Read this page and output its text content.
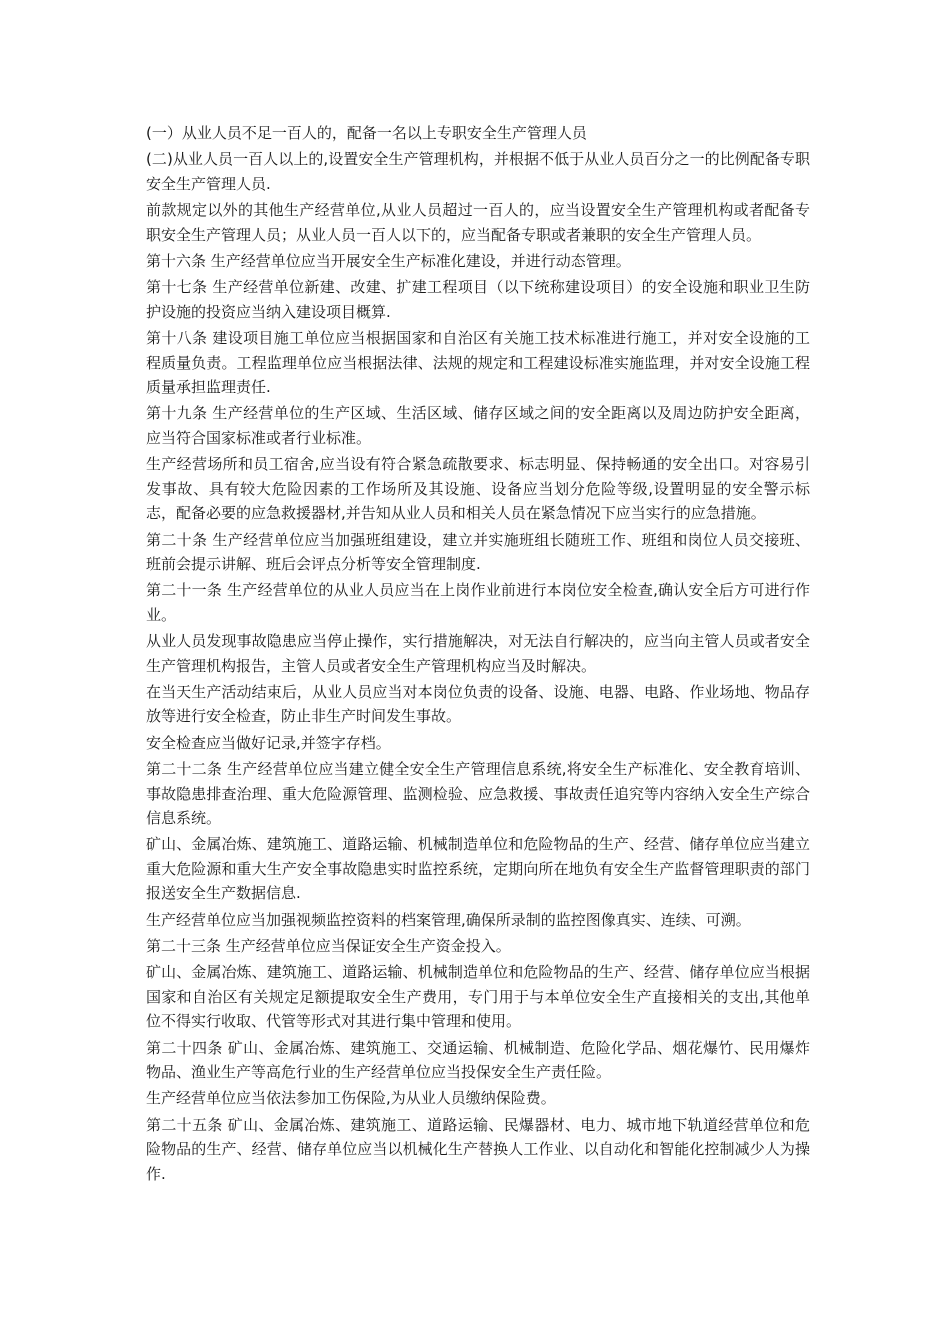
(一）从业人员不足一百人的，配备一名以上专职安全生产管理人员

(二)从业人员一百人以上的,设置安全生产管理机构，并根据不低于从业人员百分之一的比例配备专职安全生产管理人员.

前款规定以外的其他生产经营单位,从业人员超过一百人的，应当设置安全生产管理机构或者配备专职安全生产管理人员；从业人员一百人以下的，应当配备专职或者兼职的安全生产管理人员。

第十六条 生产经营单位应当开展安全生产标准化建设，并进行动态管理。

第十七条 生产经营单位新建、改建、扩建工程项目（以下统称建设项目）的安全设施和职业卫生防护设施的投资应当纳入建设项目概算.

第十八条 建设项目施工单位应当根据国家和自治区有关施工技术标准进行施工，并对安全设施的工程质量负责。工程监理单位应当根据法律、法规的规定和工程建设标准实施监理，并对安全设施工程质量承担监理责任.

第十九条 生产经营单位的生产区域、生活区域、储存区域之间的安全距离以及周边防护安全距离，应当符合国家标准或者行业标准。

生产经营场所和员工宿舍,应当设有符合紧急疏散要求、标志明显、保持畅通的安全出口。对容易引发事故、具有较大危险因素的工作场所及其设施、设备应当划分危险等级,设置明显的安全警示标志，配备必要的应急救援器材,并告知从业人员和相关人员在紧急情况下应当实行的应急措施。

第二十条 生产经营单位应当加强班组建设，建立并实施班组长随班工作、班组和岗位人员交接班、班前会提示讲解、班后会评点分析等安全管理制度.

第二十一条 生产经营单位的从业人员应当在上岗作业前进行本岗位安全检查,确认安全后方可进行作业。

从业人员发现事故隐患应当停止操作，实行措施解决，对无法自行解决的，应当向主管人员或者安全生产管理机构报告，主管人员或者安全生产管理机构应当及时解决。

在当天生产活动结束后，从业人员应当对本岗位负责的设备、设施、电器、电路、作业场地、物品存放等进行安全检查，防止非生产时间发生事故。

安全检查应当做好记录,并签字存档。

第二十二条 生产经营单位应当建立健全安全生产管理信息系统,将安全生产标准化、安全教育培训、事故隐患排查治理、重大危险源管理、监测检验、应急救援、事故责任追究等内容纳入安全生产综合信息系统。

矿山、金属冶炼、建筑施工、道路运输、机械制造单位和危险物品的生产、经营、储存单位应当建立重大危险源和重大生产安全事故隐患实时监控系统，定期向所在地负有安全生产监督管理职责的部门报送安全生产数据信息.

生产经营单位应当加强视频监控资料的档案管理,确保所录制的监控图像真实、连续、可溯。

第二十三条 生产经营单位应当保证安全生产资金投入。

矿山、金属冶炼、建筑施工、道路运输、机械制造单位和危险物品的生产、经营、储存单位应当根据国家和自治区有关规定足额提取安全生产费用，专门用于与本单位安全生产直接相关的支出,其他单位不得实行收取、代管等形式对其进行集中管理和使用。

第二十四条 矿山、金属冶炼、建筑施工、交通运输、机械制造、危险化学品、烟花爆竹、民用爆炸物品、渔业生产等高危行业的生产经营单位应当投保安全生产责任险。

生产经营单位应当依法参加工伤保险,为从业人员缴纳保险费。

第二十五条 矿山、金属冶炼、建筑施工、道路运输、民爆器材、电力、城市地下轨道经营单位和危险物品的生产、经营、储存单位应当以机械化生产替换人工作业、以自动化和智能化控制减少人为操作.
